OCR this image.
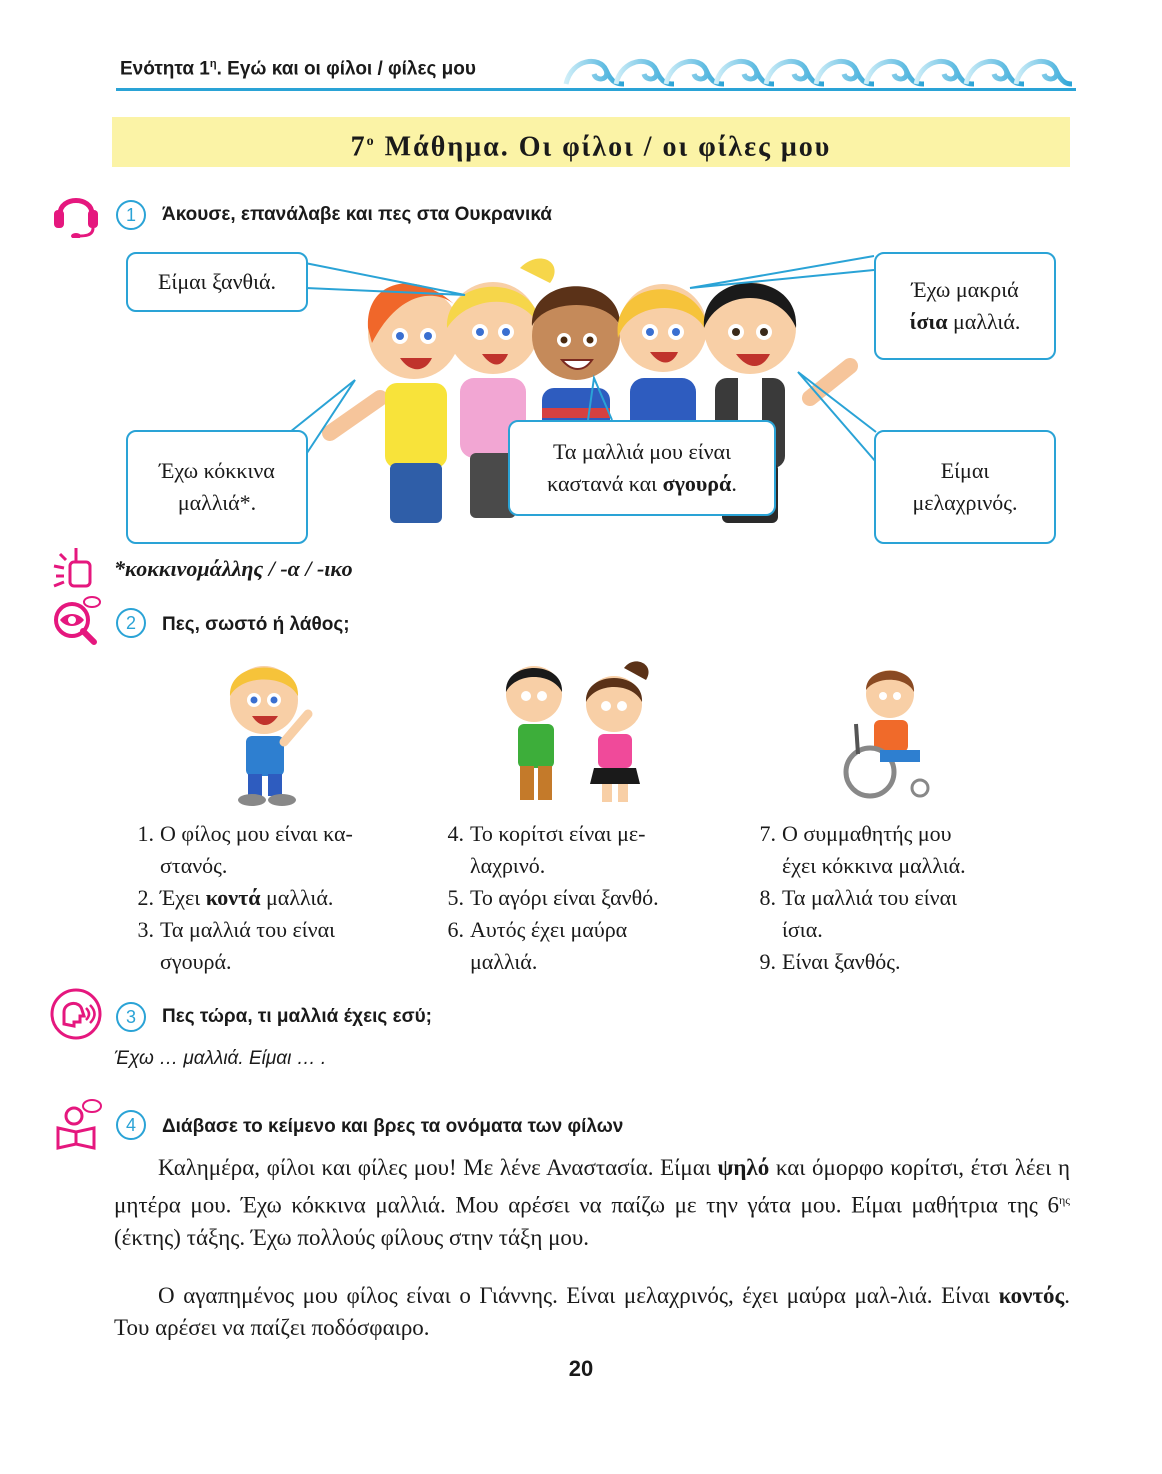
Ενότητα $1^\eta$. Εγώ και οι φίλοι / φίλες μου
$7^o$ Μάθημα. Οι φίλοι / οι φίλες μου
1	Άκουσε, επανάλαβε και πες στα Ουκρανικά
Είμαι ξανθιά.	Έχω μακριά
ίσια μαλλιά.
Έχω κόκκινα
μαλλιά*.
Τα μαλλιά μου είναι
καστανά και σγουρά.
Είμαι
μελαχρινός.
*κοκκινομάλλης / -α / -ικο
2	Πες, σωστό ή λάθος;
1. Ο φίλος μου είναι κα-
στανός.
2. Έχει κοντά μαλλιά.
3. Τα μαλλιά του είναι
σγουρά.
4. Το κορίτσι είναι με-
λαχρινό.
5. Το αγόρι είναι ξανθό.
6. Αυτός έχει μαύρα
μαλλιά.
7. Ο συμμαθητής μου
έχει κόκκινα μαλλιά.
8. Τα μαλλιά του είναι
ίσια.
9. Είναι ξανθός.
3	Πες τώρα, τι μαλλιά έχεις εσύ;
Έχω … μαλλιά. Είμαι … .
4	Διάβασε το κείμενο και βρες τα ονόματα των φίλων
Καλημέρα, φίλοι και φίλες μου! Με λένε Αναστασία. Είμαι ψηλό και όμορφο κορίτσι, έτσι λέει η μητέρα μου. Έχω κόκκινα μαλλιά. Μου αρέσει να παίζω με την γάτα μου. Είμαι μαθήτρια της $6^{\eta\varsigma}$ (έκτης) τάξης. Έχω πολλούς φίλους στην τάξη μου.
Ο αγαπημένος μου φίλος είναι ο Γιάννης. Είναι μελαχρινός, έχει μαύρα μαλ-λιά. Είναι κοντός. Του αρέσει να παίζει ποδόσφαιρο.
20
